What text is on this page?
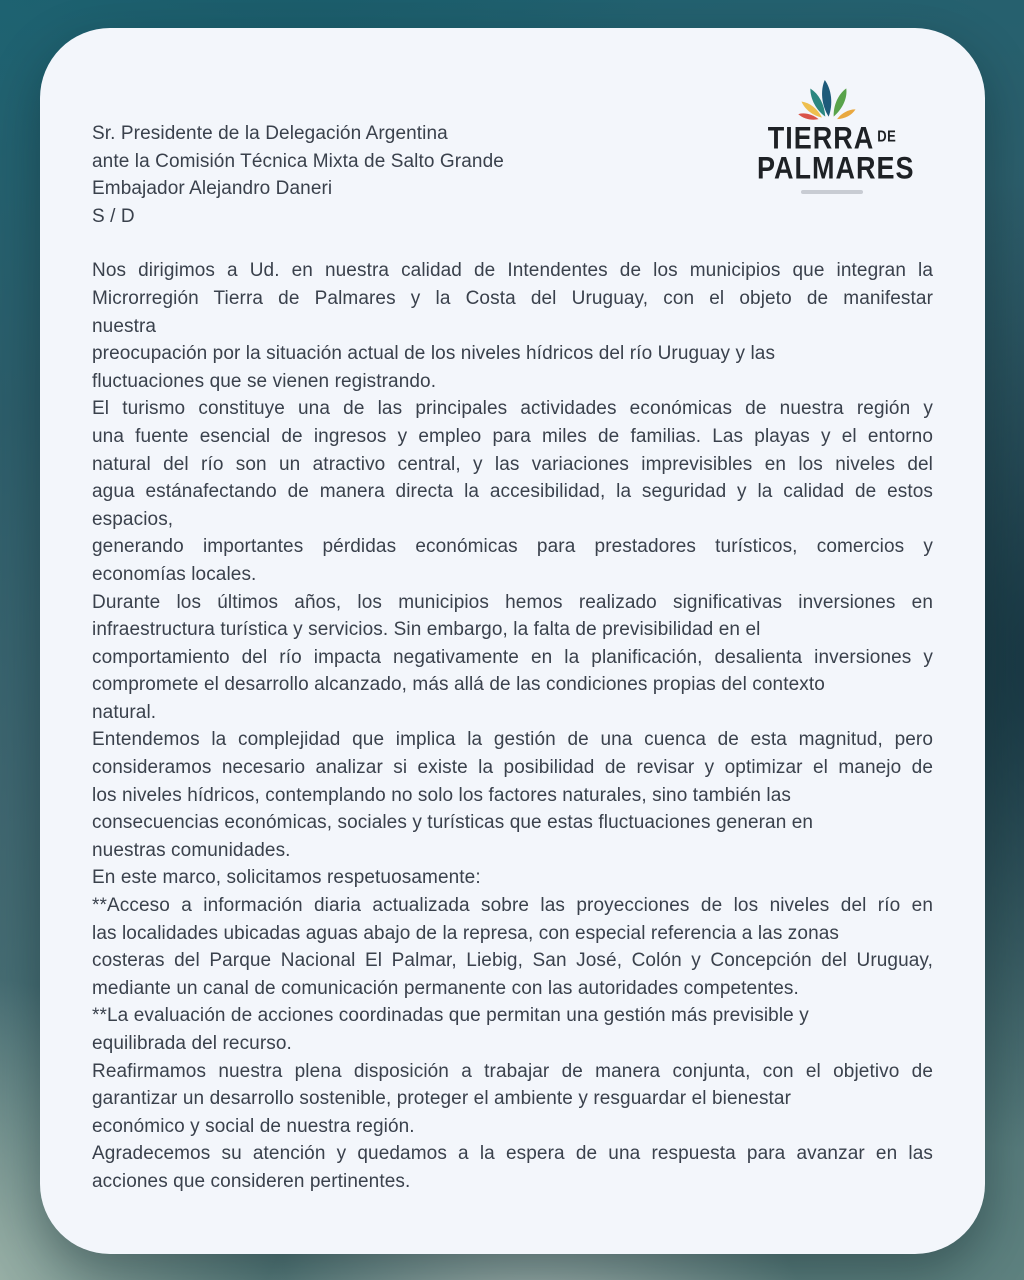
TIERRA $^{DE}$
PALMARES
Sr. Presidente de la Delegación Argentina
ante la Comisión Técnica Mixta de Salto Grande
Embajador Alejandro Daneri
S / D
Nos dirigimos a Ud. en nuestra calidad de Intendentes de los municipios que integran la
Microrregión Tierra de Palmares y la Costa del Uruguay, con el objeto de manifestar
nuestra
preocupación por la situación actual de los niveles hídricos del río Uruguay y las
fluctuaciones que se vienen registrando.
El turismo constituye una de las principales actividades económicas de nuestra región y
una fuente esencial de ingresos y empleo para miles de familias. Las playas y el entorno
natural del río son un atractivo central, y las variaciones imprevisibles en los niveles del
agua estánafectando de manera directa la accesibilidad, la seguridad y la calidad de estos
espacios,
generando importantes pérdidas económicas para prestadores turísticos, comercios y
economías locales.
Durante los últimos años, los municipios hemos realizado significativas inversiones en
infraestructura turística y servicios. Sin embargo, la falta de previsibilidad en el
comportamiento del río impacta negativamente en la planificación, desalienta inversiones y
compromete el desarrollo alcanzado, más allá de las condiciones propias del contexto
natural.
Entendemos la complejidad que implica la gestión de una cuenca de esta magnitud, pero
consideramos necesario analizar si existe la posibilidad de revisar y optimizar el manejo de
los niveles hídricos, contemplando no solo los factores naturales, sino también las
consecuencias económicas, sociales y turísticas que estas fluctuaciones generan en
nuestras comunidades.
En este marco, solicitamos respetuosamente:
**Acceso a información diaria actualizada sobre las proyecciones de los niveles del río en
las localidades ubicadas aguas abajo de la represa, con especial referencia a las zonas
costeras del Parque Nacional El Palmar, Liebig, San José, Colón y Concepción del Uruguay,
mediante un canal de comunicación permanente con las autoridades competentes.
**La evaluación de acciones coordinadas que permitan una gestión más previsible y
equilibrada del recurso.
Reafirmamos nuestra plena disposición a trabajar de manera conjunta, con el objetivo de
garantizar un desarrollo sostenible, proteger el ambiente y resguardar el bienestar
económico y social de nuestra región.
Agradecemos su atención y quedamos a la espera de una respuesta para avanzar en las
acciones que consideren pertinentes.
